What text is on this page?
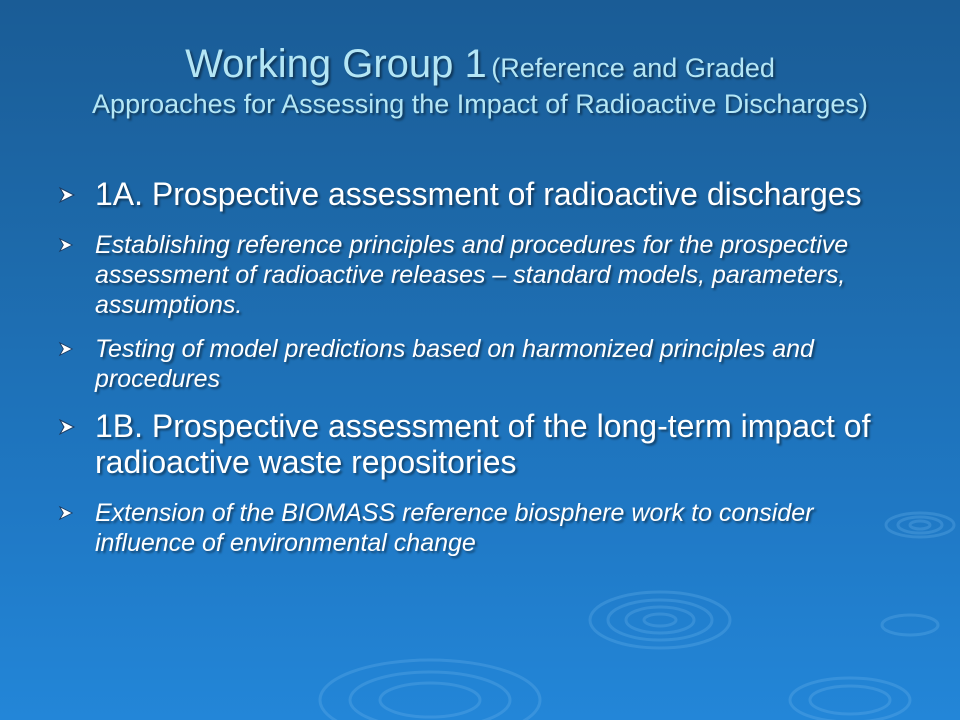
Working Group 1 (Reference and Graded
Approaches for Assessing the Impact of Radioactive Discharges)
1A. Prospective assessment of radioactive discharges
Establishing reference principles and procedures for the prospective assessment of radioactive releases – standard models, parameters, assumptions.
Testing of model predictions based on harmonized principles and procedures
1B. Prospective assessment of the long-term impact of radioactive waste repositories
Extension of the BIOMASS reference biosphere work to consider influence of environmental change
